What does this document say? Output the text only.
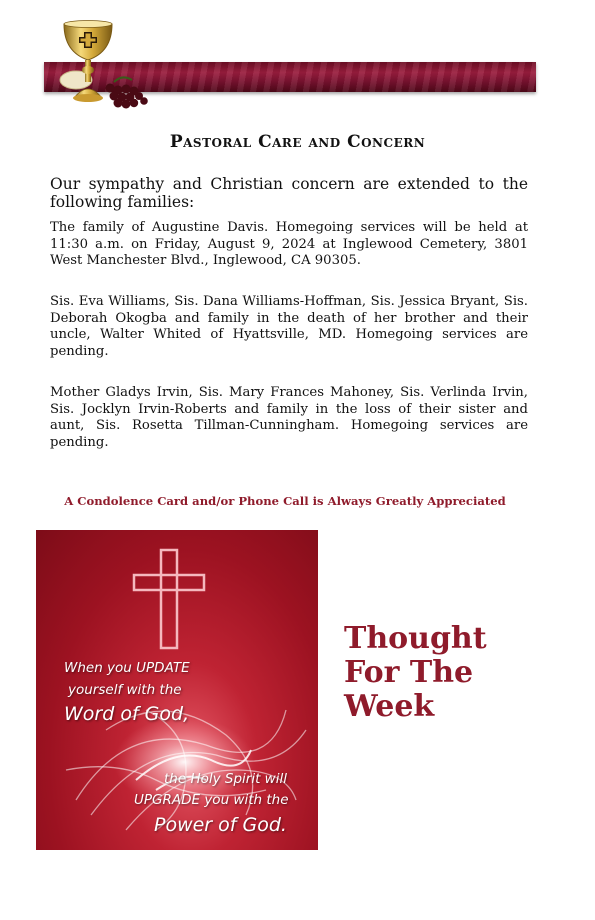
Pastoral Care and Concern

Our sympathy and Christian concern are extended to the following families:

The family of Augustine Davis. Homegoing services will be held at 11:30 a.m. on Friday, August 9, 2024 at Inglewood Cemetery, 3801 West Manchester Blvd., Inglewood, CA 90305.

Sis. Eva Williams, Sis. Dana Williams-Hoffman, Sis. Jessica Bryant, Sis. Deborah Okogba and family in the death of her brother and their uncle, Walter Whited of Hyattsville, MD. Homegoing services are pending.

Mother Gladys Irvin, Sis. Mary Frances Mahoney, Sis. Verlinda Irvin, Sis. Jocklyn Irvin-Roberts and family in the loss of their sister and aunt, Sis. Rosetta Tillman-Cunningham. Homegoing services are pending.

A Condolence Card and/or Phone Call is Always Greatly Appreciated
When you UPDATE
yourself with the
Word of God,
the Holy Spirit will
UPGRADE you with the
Power of God.
Thought
For The
Week
